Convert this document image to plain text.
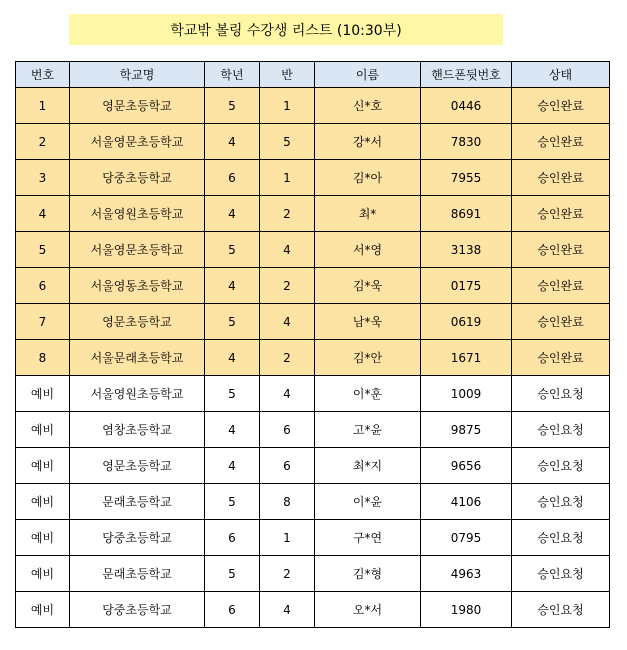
학교밖 볼링 수강생 리스트 (10:30부)
번호	학교명	학년	반	이름	핸드폰뒷번호	상태
1	영문초등학교	5	1	신*호	0446	승인완료
2	서울영문초등학교	4	5	강*서	7830	승인완료
3	당중초등학교	6	1	김*아	7955	승인완료
4	서울영원초등학교	4	2	최*	8691	승인완료
5	서울영문초등학교	5	4	서*영	3138	승인완료
6	서울영동초등학교	4	2	김*욱	0175	승인완료
7	영문초등학교	5	4	남*욱	0619	승인완료
8	서울문래초등학교	4	2	김*안	1671	승인완료
예비	서울영원초등학교	5	4	이*훈	1009	승인요청
예비	염창초등학교	4	6	고*윤	9875	승인요청
예비	영문초등학교	4	6	최*지	9656	승인요청
예비	문래초등학교	5	8	이*윤	4106	승인요청
예비	당중초등학교	6	1	구*연	0795	승인요청
예비	문래초등학교	5	2	김*형	4963	승인요청
예비	당중초등학교	6	4	오*서	1980	승인요청
